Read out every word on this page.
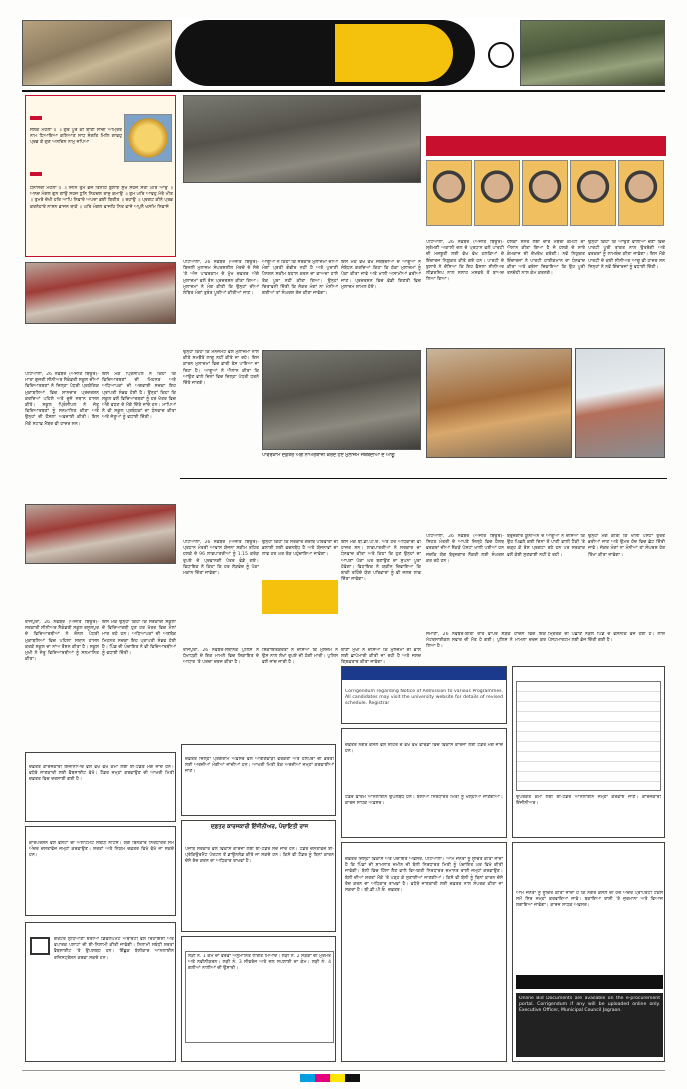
ਸਲੋਕ ਮਹਲਾ ੫ ॥ ਗੁਰ ਪੂਰੇ ਕੀ ਬਾਣੀ ਸਾਚੀ ਅੰਮ੍ਰਿਤ ਨਾਮ ਧਿਆਇਆ ਕਲਿਆਣ ਸਾਧ ਸੰਗਤਿ ਮਿਲਿ ਗਾਵਹੁ ਪ੍ਰਭ ਕੇ ਗੁਣ ਅਨਦਿਨ ਨਾਮੁ ਜਪਿਆ
ਧਨਾਸਰੀ ਮਹਲਾ ੫ ॥ ਜਿਨਿ ਤੁਮ ਭੇਜੇ ਤਿਨਹਿ ਬੁਲਾਏ ਸੁਖ ਸਹਜ ਸੇਤੀ ਘਰਿ ਆਉ ॥ ਅਨਦ ਮੰਗਲ ਗੁਨ ਗਾਉ ਸਹਜ ਧੁਨਿ ਨਿਹਚਲ ਰਾਜੁ ਕਮਾਉ ॥ ਤੁਮ ਘਰਿ ਆਵਹੁ ਮੇਰੇ ਮੀਤ ॥ ਤੁਮਰੇ ਦੋਖੀ ਹਰਿ ਆਪਿ ਨਿਵਾਰੇ ਅਪਦਾ ਭਈ ਬਿਤੀਤ ॥ ਰਹਾਉ ॥ ਪ੍ਰਗਟ ਕੀਨੇ ਪ੍ਰਭ ਕਰਨੇਹਾਰੇ ਨਾਸਨ ਭਾਜਨ ਥਾਕੇ ॥ ਘਰਿ ਮੰਗਲ ਵਾਜਹਿ ਨਿਤ ਵਾਜੇ ਅਪੁਨੈ ਖਸਮਿ ਨਿਵਾਜੇ
ਪਟਿਆਲਾ, 26 ਨਵੰਬਰ (ਅਜੀਤ ਬਿਊਰੋ)-ਮਾਤਾ ਗੁਜਰੀ ਸੀਨੀਅਰ ਸੈਕੰਡਰੀ ਸਕੂਲ ਦੀਆਂ ਵਿਦਿਆਰਥਣਾਂ ਨੇ ਜ਼ਿਲ੍ਹਾ ਪੱਧਰੀ ਪ੍ਰਯੋਗਿਕ ਮੁਕਾਬਲਿਆਂ ਵਿਚ ਸ਼ਾਨਦਾਰ ਪ੍ਰਦਰਸ਼ਨ ਕਰਦਿਆਂ ਪਹਿਲੇ ਅਤੇ ਦੂਜੇ ਸਥਾਨ ਹਾਸਲ ਕੀਤੇ। ਸਕੂਲ ਪ੍ਰਿੰਸੀਪਲ ਨੇ ਜੇਤੂ ਵਿਦਿਆਰਥਣਾਂ ਨੂੰ ਸਨਮਾਨਿਤ ਕੀਤਾ ਅਤੇ ਉਨ੍ਹਾਂ ਦੀ ਹੌਸਲਾ ਅਫ਼ਜ਼ਾਈ ਕੀਤੀ। ਇਸ ਮੌਕੇ ਸਟਾਫ਼ ਮੈਂਬਰ ਵੀ ਹਾਜ਼ਰ ਸਨ।
ਇਸ ਮੌਕੇ ਪ੍ਰਿੰਸੀਪਲ ਨੇ ਕਿਹਾ ਕਿ ਵਿਦਿਆਰਥਣਾਂ ਦੀ ਮਿਹਨਤ ਅਤੇ ਅਧਿਆਪਕਾਂ ਦੀ ਅਗਵਾਈ ਸਦਕਾ ਇਹ ਪ੍ਰਾਪਤੀ ਸੰਭਵ ਹੋਈ ਹੈ। ਉਨ੍ਹਾਂ ਕਿਹਾ ਕਿ ਸਕੂਲ ਵਲੋਂ ਵਿਦਿਆਰਥਣਾਂ ਨੂੰ ਹਰ ਖੇਤਰ ਵਿਚ ਅੱਗੇ ਵਧਣ ਦੇ ਮੌਕੇ ਦਿੱਤੇ ਜਾਂਦੇ ਹਨ। ਮਾਪਿਆਂ ਨੇ ਵੀ ਸਕੂਲ ਪ੍ਰਬੰਧਕਾਂ ਦਾ ਧੰਨਵਾਦ ਕੀਤਾ ਅਤੇ ਜੇਤੂਆਂ ਨੂੰ ਵਧਾਈ ਦਿੱਤੀ।
ਪਟਿਆਲਾ, 26 ਨਵੰਬਰ (ਅਜੀਤ ਬਿਊਰੋ)-ਬਿਜਲੀ ਮੁਲਾਜ਼ਮ ਸੰਘਰਸ਼ਸ਼ੀਲ ਮੋਰਚੇ ਦੇ ਸੱਦੇ 'ਤੇ ਅੱਜ ਪਾਵਰਕਾਮ ਦੇ ਮੁੱਖ ਦਫ਼ਤਰ ਅੱਗੇ ਮੁਲਾਜ਼ਮਾਂ ਵਲੋਂ ਰੋਸ ਪ੍ਰਦਰਸ਼ਨ ਕੀਤਾ ਗਿਆ। ਮੁਲਾਜ਼ਮਾਂ ਨੇ ਮੰਗ ਕੀਤੀ ਕਿ ਉਨ੍ਹਾਂ ਦੀਆਂ ਲੰਬਿਤ ਮੰਗਾਂ ਤੁਰੰਤ ਪੂਰੀਆਂ ਕੀਤੀਆਂ ਜਾਣ।
ਆਗੂਆਂ ਨੇ ਕਿਹਾ ਕਿ ਸਰਕਾਰ ਮੁਲਾਜ਼ਮਾਂ ਦੀਆਂ ਮੰਗਾਂ ਪ੍ਰਤੀ ਗੰਭੀਰ ਨਹੀਂ ਹੈ ਅਤੇ ਪੁਰਾਣੀ ਪੈਨਸ਼ਨ ਸਕੀਮ ਬਹਾਲ ਕਰਨ ਦਾ ਵਾਅਦਾ ਹਾਲੇ ਤੱਕ ਪੂਰਾ ਨਹੀਂ ਕੀਤਾ ਗਿਆ। ਉਨ੍ਹਾਂ ਚਿਤਾਵਨੀ ਦਿੱਤੀ ਕਿ ਜੇਕਰ ਮੰਗਾਂ ਨਾ ਮੰਨੀਆਂ ਗਈਆਂ ਤਾਂ ਸੰਘਰਸ਼ ਤੇਜ਼ ਕੀਤਾ ਜਾਵੇਗਾ।
ਇਸ ਮੌਕੇ ਵੱਖ ਵੱਖ ਜਥੇਬੰਦੀਆਂ ਦੇ ਆਗੂਆਂ ਨੇ ਸੰਬੋਧਨ ਕਰਦਿਆਂ ਕਿਹਾ ਕਿ ਠੇਕਾ ਮੁਲਾਜ਼ਮਾਂ ਨੂੰ ਪੱਕਾ ਕੀਤਾ ਜਾਵੇ ਅਤੇ ਖਾਲੀ ਅਸਾਮੀਆਂ ਭਰੀਆਂ ਜਾਣ। ਪ੍ਰਦਰਸ਼ਨ ਵਿਚ ਵੱਡੀ ਗਿਣਤੀ ਵਿਚ ਮੁਲਾਜ਼ਮ ਸ਼ਾਮਲ ਹੋਏ।
ਉਨ੍ਹਾਂ ਕਿਹਾ ਕਿ ਮੈਨੇਜਮੈਂਟ ਵਲੋਂ ਮੁਲਾਜ਼ਮਾਂ ਨਾਲ ਕੀਤੇ ਸਮਝੌਤੇ ਲਾਗੂ ਨਹੀਂ ਕੀਤੇ ਜਾ ਰਹੇ। ਇਸ ਕਾਰਨ ਮੁਲਾਜ਼ਮਾਂ ਵਿਚ ਭਾਰੀ ਰੋਸ ਪਾਇਆ ਜਾ ਰਿਹਾ ਹੈ। ਆਗੂਆਂ ਨੇ ਐਲਾਨ ਕੀਤਾ ਕਿ ਆਉਣ ਵਾਲੇ ਦਿਨਾਂ ਵਿਚ ਜ਼ਿਲ੍ਹਾ ਪੱਧਰੀ ਧਰਨੇ ਦਿੱਤੇ ਜਾਣਗੇ।
ਪਾਵਰਕਾਮ ਦਫ਼ਤਰ ਅੱਗੇ ਨਾਅਰੇਬਾਜ਼ੀ ਕਰਦੇ ਹੋਏ ਮੁਲਾਜ਼ਮ ਜਥੇਬੰਦੀਆਂ ਦੇ ਆਗੂ
ਪਟਿਆਲਾ, 26 ਨਵੰਬਰ (ਅਜੀਤ ਬਿਊਰੋ)-ਸ਼੍ਰੋਮਣੀ ਅਕਾਲੀ ਦਲ ਦੇ ਪ੍ਰਧਾਨ ਵਲੋਂ ਪਾਰਟੀ ਦੀ ਮਜ਼ਬੂਤੀ ਲਈ ਵੱਖ ਵੱਖ ਹਲਕਿਆਂ ਦੇ ਇੰਚਾਰਜ ਨਿਯੁਕਤ ਕੀਤੇ ਗਏ ਹਨ। ਪਾਰਟੀ ਦੇ ਬੁਲਾਰੇ ਨੇ ਦੱਸਿਆ ਕਿ ਇਹ ਫੈਸਲਾ ਸੀਨੀਅਰ ਲੀਡਰਸ਼ਿਪ ਨਾਲ ਸਲਾਹ ਮਸ਼ਵਰੇ ਤੋਂ ਬਾਅਦ ਲਿਆ ਗਿਆ।
ਹਲਕਾ ਸਨੌਰ ਲਈ ਚਾਰ ਮੈਂਬਰੀ ਕਮੇਟੀ ਦਾ ਐਲਾਨ ਕੀਤਾ ਗਿਆ ਹੈ ਜੋ ਹਲਕੇ ਦੇ ਸਾਰੇ ਕੰਮਕਾਜ ਦੀ ਦੇਖਰੇਖ ਕਰੇਗੀ। ਨਵੇਂ ਨਿਯੁਕਤ ਇੰਚਾਰਜਾਂ ਨੇ ਪਾਰਟੀ ਹਾਈਕਮਾਨ ਦਾ ਧੰਨਵਾਦ ਕੀਤਾ ਅਤੇ ਭਰੋਸਾ ਦਿਵਾਇਆ ਕਿ ਉਹ ਪੂਰੀ ਤਨਦੇਹੀ ਨਾਲ ਕੰਮ ਕਰਨਗੇ।
ਉਨ੍ਹਾਂ ਕਿਹਾ ਕਿ ਆਉਣ ਵਾਲੀਆਂ ਚੋਣਾਂ ਵਿਚ ਪਾਰਟੀ ਪੂਰੀ ਤਾਕਤ ਨਾਲ ਉਤਰੇਗੀ ਅਤੇ ਵਰਕਰਾਂ ਨੂੰ ਲਾਮਬੰਦ ਕੀਤਾ ਜਾਵੇਗਾ। ਇਸ ਮੌਕੇ ਪਾਰਟੀ ਦੇ ਕਈ ਸੀਨੀਅਰ ਆਗੂ ਵੀ ਹਾਜ਼ਰ ਸਨ ਜਿਨ੍ਹਾਂ ਨੇ ਨਵੇਂ ਇੰਚਾਰਜਾਂ ਨੂੰ ਵਧਾਈ ਦਿੱਤੀ।
ਰਾਜਪੁਰਾ, 26 ਨਵੰਬਰ (ਅਜੀਤ ਬਿਊਰੋ)-ਸਰਕਾਰੀ ਸੀਨੀਅਰ ਸੈਕੰਡਰੀ ਸਕੂਲ ਰਸੂਲਪੁਰ ਦੇ ਵਿਦਿਆਰਥੀਆਂ ਨੇ ਜ਼ੋਨਲ ਪੱਧਰੀ ਮੁਕਾਬਲਿਆਂ ਵਿਚ ਪਹਿਲਾ ਸਥਾਨ ਹਾਸਲ ਕਰਕੇ ਸਕੂਲ ਦਾ ਨਾਂਅ ਰੌਸ਼ਨ ਕੀਤਾ ਹੈ। ਸਕੂਲ ਮੁਖੀ ਨੇ ਜੇਤੂ ਵਿਦਿਆਰਥੀਆਂ ਨੂੰ ਸਨਮਾਨਿਤ ਕੀਤਾ।
ਇਸ ਮੌਕੇ ਉਨ੍ਹਾਂ ਕਿਹਾ ਕਿ ਸਰਕਾਰੀ ਸਕੂਲਾਂ ਦੇ ਵਿਦਿਆਰਥੀ ਹੁਣ ਹਰ ਖੇਤਰ ਵਿਚ ਮੱਲਾਂ ਮਾਰ ਰਹੇ ਹਨ। ਅਧਿਆਪਕਾਂ ਦੀ ਅਣਥੱਕ ਮਿਹਨਤ ਸਦਕਾ ਇਹ ਪ੍ਰਾਪਤੀ ਸੰਭਵ ਹੋਈ ਹੈ। ਪਿੰਡ ਦੀ ਪੰਚਾਇਤ ਨੇ ਵੀ ਵਿਦਿਆਰਥੀਆਂ ਨੂੰ ਵਧਾਈ ਦਿੱਤੀ।
ਪਟਿਆਲਾ, 26 ਨਵੰਬਰ (ਅਜੀਤ ਬਿਊਰੋ)-ਪ੍ਰਧਾਨ ਮੰਤਰੀ ਆਵਾਸ ਯੋਜਨਾ ਸਕੀਮ ਤਹਿਤ ਹਲਕੇ ਦੇ 96 ਲਾਭਪਾਤਰੀਆਂ ਨੂੰ 1.15 ਕਰੋੜ ਰੁਪਏ ਦੇ ਪ੍ਰਵਾਨਗੀ ਪੱਤਰ ਵੰਡੇ ਗਏ। ਵਿਧਾਇਕ ਨੇ ਕਿਹਾ ਕਿ ਹਰ ਲੋੜਵੰਦ ਨੂੰ ਪੱਕਾ ਮਕਾਨ ਦਿੱਤਾ ਜਾਵੇਗਾ।
ਉਨ੍ਹਾਂ ਕਿਹਾ ਕਿ ਸਰਕਾਰ ਗਰੀਬ ਪਰਿਵਾਰਾਂ ਦੀ ਭਲਾਈ ਲਈ ਵਚਨਬੱਧ ਹੈ ਅਤੇ ਯੋਜਨਾਵਾਂ ਦਾ ਲਾਭ ਹਰ ਘਰ ਤੱਕ ਪਹੁੰਚਾਇਆ ਜਾਵੇਗਾ।
ਇਸ ਮੌਕੇ ਬੀ.ਡੀ.ਪੀ.ਓ. ਅਤੇ ਹੋਰ ਅਧਿਕਾਰੀ ਵੀ ਹਾਜ਼ਰ ਸਨ। ਲਾਭਪਾਤਰੀਆਂ ਨੇ ਸਰਕਾਰ ਦਾ ਧੰਨਵਾਦ ਕੀਤਾ ਅਤੇ ਕਿਹਾ ਕਿ ਹੁਣ ਉਨ੍ਹਾਂ ਦਾ ਆਪਣਾ ਪੱਕਾ ਘਰ ਬਣਾਉਣ ਦਾ ਸੁਪਨਾ ਪੂਰਾ ਹੋਵੇਗਾ। ਵਿਧਾਇਕ ਨੇ ਯਕੀਨ ਦਿਵਾਇਆ ਕਿ ਬਾਕੀ ਰਹਿੰਦੇ ਯੋਗ ਪਰਿਵਾਰਾਂ ਨੂੰ ਵੀ ਜਲਦ ਲਾਭ ਦਿੱਤਾ ਜਾਵੇਗਾ।
ਰਾਜਪੁਰਾ, 26 ਨਵੰਬਰ-ਸਥਾਨਕ ਪੁਲਿਸ ਨੇ ਧੋਖਾਧੜੀ ਦੇ ਇਕ ਮਾਮਲੇ ਵਿਚ ਸ਼ਿਕਾਇਤ ਦੇ ਆਧਾਰ 'ਤੇ ਪਰਚਾ ਦਰਜ ਕੀਤਾ ਹੈ।
ਸ਼ਿਕਾਇਤਕਰਤਾ ਨੇ ਦੱਸਿਆ ਕਿ ਮੁਲਜ਼ਮ ਨੇ ਉਸ ਨਾਲ ਲੱਖਾਂ ਰੁਪਏ ਦੀ ਠੱਗੀ ਮਾਰੀ। ਪੁਲਿਸ ਵਲੋਂ ਜਾਂਚ ਜਾਰੀ ਹੈ।
ਥਾਣਾ ਮੁਖੀ ਨੇ ਦੱਸਿਆ ਕਿ ਮੁਲਜ਼ਮਾਂ ਦੀ ਭਾਲ ਲਈ ਛਾਪੇਮਾਰੀ ਕੀਤੀ ਜਾ ਰਹੀ ਹੈ ਅਤੇ ਜਲਦ ਗ੍ਰਿਫ਼ਤਾਰ ਕੀਤਾ ਜਾਵੇਗਾ।
ਪਟਿਆਲਾ, 26 ਨਵੰਬਰ (ਅਜੀਤ ਬਿਊਰੋ)-ਸਿਹਤ ਮੰਤਰੀ ਦੇ ਆਪਣੇ ਜ਼ਿਲ੍ਹੇ ਵਿਚ ਹੈਲਥ ਵਰਕਰਾਂ ਦੀਆਂ ਸੈਂਕੜੇ ਪੋਸਟਾਂ ਖਾਲੀ ਪਈਆਂ ਹਨ ਜਦਕਿ ਯੋਗ ਬੇਰੁਜ਼ਗਾਰ ਨੌਕਰੀ ਲਈ ਸੰਘਰਸ਼ ਕਰ ਰਹੇ ਹਨ।
ਬੇਰੁਜ਼ਗਾਰ ਯੂਨੀਅਨ ਦੇ ਆਗੂਆਂ ਨੇ ਦੱਸਿਆ ਕਿ ਉਹ ਪਿਛਲੇ ਕਈ ਦਿਨਾਂ ਤੋਂ ਪਾਣੀ ਵਾਲੀ ਟੈਂਕੀ 'ਤੇ ਚੜ੍ਹ ਕੇ ਰੋਸ ਪ੍ਰਗਟਾ ਰਹੇ ਹਨ ਪਰ ਸਰਕਾਰ ਵਲੋਂ ਕੋਈ ਸੁਣਵਾਈ ਨਹੀਂ ਹੋ ਰਹੀ।
ਉਨ੍ਹਾਂ ਮੰਗ ਕੀਤੀ ਕਿ ਖਾਲੀ ਪੋਸਟਾਂ ਤੁਰੰਤ ਭਰੀਆਂ ਜਾਣ ਅਤੇ ਉਮਰ ਹੱਦ ਵਿਚ ਛੋਟ ਦਿੱਤੀ ਜਾਵੇ। ਜੇਕਰ ਮੰਗਾਂ ਨਾ ਮੰਨੀਆਂ ਤਾਂ ਸੰਘਰਸ਼ ਹੋਰ ਤਿੱਖਾ ਕੀਤਾ ਜਾਵੇਗਾ।
ਸਮਾਣਾ, 26 ਨਵੰਬਰ-ਬੀਤੀ ਰਾਤ ਵਾਪਰੇ ਸੜਕ ਹਾਦਸੇ ਵਿਚ ਇਕ ਮੋਟਰਸਾਈਕਲ ਸਵਾਰ ਦੀ ਮੌਤ ਹੋ ਗਈ। ਪੁਲਿਸ ਨੇ ਮਾਮਲਾ ਦਰਜ ਕਰ ਲਿਆ ਹੈ।
ਮ੍ਰਿਤਕ ਦੀ ਪਛਾਣ ਨੇੜਲੇ ਪਿੰਡ ਦੇ ਵਸਨੀਕ ਵਜੋਂ ਹੋਈ ਹੈ। ਲਾਸ਼ ਪੋਸਟਮਾਰਟਮ ਲਈ ਭੇਜ ਦਿੱਤੀ ਗਈ ਹੈ।
Corrigendum regarding Notice of Admission to various Programmes. All candidates may visit the university website for details of revised schedule. Registrar
ਦਫ਼ਤਰ ਕਾਰਜਕਾਰੀ ਇੰਜੀਨੀਅਰ ਵਲੋਂ ਵੱਖ ਵੱਖ ਕੰਮਾਂ ਲਈ ਈ-ਟੈਂਡਰ ਮੰਗੇ ਜਾਂਦੇ ਹਨ। ਵਧੇਰੇ ਜਾਣਕਾਰੀ ਲਈ ਵੈਬਸਾਈਟ ਵੇਖੋ। ਟੈਂਡਰ ਜਮ੍ਹਾਂ ਕਰਵਾਉਣ ਦੀ ਆਖਰੀ ਮਿਤੀ ਦਫ਼ਤਰ ਵਿਚ ਦਰਸਾਈ ਗਈ ਹੈ।
ਕਾਰਪੋਰੇਸ਼ਨ ਵਲੋਂ ਫਲੈਟਾਂ ਦੀ ਅਲਾਟਮੈਂਟ ਸਬੰਧੀ ਨੋਟਿਸ। ਯੋਗ ਬਿਨੈਕਾਰ ਨਿਰਧਾਰਤ ਸਮੇਂ ਅੰਦਰ ਦਸਤਾਵੇਜ਼ ਜਮ੍ਹਾਂ ਕਰਵਾਉਣ। ਸ਼ਰਤਾਂ ਅਤੇ ਨਿਯਮ ਦਫ਼ਤਰ ਵਿਖੇ ਵੇਖੇ ਜਾ ਸਕਦੇ ਹਨ।
ਗਰੇਟਰ ਲੁਧਿਆਣਾ ਏਰੀਆ ਡਿਵੈਲਪਮੈਂਟ ਅਥਾਰਟੀ ਵਲੋਂ ਰਿਹਾਇਸ਼ੀ ਅਤੇ ਵਪਾਰਕ ਪਲਾਟਾਂ ਦੀ ਈ-ਨਿਲਾਮੀ ਕੀਤੀ ਜਾਵੇਗੀ। ਨਿਲਾਮੀ ਸਬੰਧੀ ਸ਼ਰਤਾਂ ਵੈਬਸਾਈਟ 'ਤੇ ਉਪਲਬਧ ਹਨ। ਇੱਛੁਕ ਬੋਲੀਕਾਰ ਆਨਲਾਈਨ ਰਜਿਸਟ੍ਰੇਸ਼ਨ ਕਰਵਾ ਸਕਦੇ ਹਨ।
ਦਫ਼ਤਰ ਜ਼ਿਲ੍ਹਾ ਪ੍ਰੋਗਰਾਮ ਅਫ਼ਸਰ ਵਲੋਂ ਆਂਗਣਵਾੜੀ ਵਰਕਰਾਂ ਅਤੇ ਹੈਲਪਰਾਂ ਦੀ ਭਰਤੀ ਲਈ ਅਰਜ਼ੀਆਂ ਮੰਗੀਆਂ ਜਾਂਦੀਆਂ ਹਨ। ਆਖਰੀ ਮਿਤੀ ਤੱਕ ਅਰਜ਼ੀਆਂ ਜਮ੍ਹਾਂ ਕਰਵਾਈਆਂ ਜਾਣ।
ਦਫ਼ਤਰ ਕਾਰਜਕਾਰੀ ਇੰਜੀਨੀਅਰ, ਪੰਚਾਇਤੀ ਰਾਜ
ਪੰਜਾਬ ਸਰਕਾਰ ਵਲੋਂ ਵਿਕਾਸ ਕਾਰਜਾਂ ਲਈ ਈ-ਟੈਂਡਰ ਸੱਦੇ ਜਾਂਦੇ ਹਨ। ਟੈਂਡਰ ਦਸਤਾਵੇਜ਼ ਈ-ਪ੍ਰੋਕਿਉਰਮੈਂਟ ਪੋਰਟਲ ਤੋਂ ਡਾਊਨਲੋਡ ਕੀਤੇ ਜਾ ਸਕਦੇ ਹਨ। ਕਿਸੇ ਵੀ ਟੈਂਡਰ ਨੂੰ ਬਿਨਾਂ ਕਾਰਨ ਦੱਸੇ ਰੱਦ ਕਰਨ ਦਾ ਅਧਿਕਾਰ ਰਾਖਵਾਂ ਹੈ।
ਲੜੀ ਨੰ. 1 ਕੰਮ ਦਾ ਵੇਰਵਾ ਅਨੁਮਾਨਿਤ ਲਾਗਤ ਮਿਆਦ। ਲੜੀ ਨੰ. 2 ਸੜਕਾਂ ਦੀ ਮੁਰੰਮਤ ਅਤੇ ਨਵੀਨੀਕਰਨ। ਲੜੀ ਨੰ. 3 ਸੀਵਰੇਜ ਅਤੇ ਜਲ ਸਪਲਾਈ ਦਾ ਕੰਮ। ਲੜੀ ਨੰ. 4 ਗਲੀਆਂ ਨਾਲੀਆਂ ਦੀ ਉਸਾਰੀ।
ਦਫ਼ਤਰ ਨਗਰ ਕੌਂਸਲ ਵਲੋਂ ਸ਼ਹਿਰ ਦੇ ਵੱਖ ਵੱਖ ਵਾਰਡਾਂ ਵਿਚ ਵਿਕਾਸ ਕਾਰਜਾਂ ਲਈ ਟੈਂਡਰ ਮੰਗੇ ਜਾਂਦੇ ਹਨ।
ਟੈਂਡਰ ਫਾਰਮ ਆਨਲਾਈਨ ਉਪਲਬਧ ਹਨ। ਬੋਲੀਆਂ ਨਿਰਧਾਰਤ ਮਿਤੀ ਨੂੰ ਖੋਲ੍ਹੀਆਂ ਜਾਣਗੀਆਂ। ਕਾਰਜ ਸਾਧਕ ਅਫ਼ਸਰ।
ਦਫ਼ਤਰ ਜ਼ਿਲ੍ਹਾ ਵਿਕਾਸ ਅਤੇ ਪੰਚਾਇਤ ਅਫ਼ਸਰ, ਪਟਿਆਲਾ। ਆਮ ਜਨਤਾ ਨੂੰ ਸੂਚਿਤ ਕੀਤਾ ਜਾਂਦਾ ਹੈ ਕਿ ਪਿੰਡਾਂ ਦੀ ਸ਼ਾਮਲਾਤ ਜ਼ਮੀਨ ਦੀ ਬੋਲੀ ਨਿਰਧਾਰਤ ਮਿਤੀ ਨੂੰ ਪੰਚਾਇਤ ਘਰ ਵਿਖੇ ਕੀਤੀ ਜਾਵੇਗੀ। ਬੋਲੀ ਵਿਚ ਹਿੱਸਾ ਲੈਣ ਵਾਲੇ ਵਿਅਕਤੀ ਨਿਰਧਾਰਤ ਜ਼ਮਾਨਤ ਰਾਸ਼ੀ ਜਮ੍ਹਾਂ ਕਰਵਾਉਣ। ਬੋਲੀ ਦੀਆਂ ਸ਼ਰਤਾਂ ਮੌਕੇ 'ਤੇ ਪੜ੍ਹ ਕੇ ਸੁਣਾਈਆਂ ਜਾਣਗੀਆਂ। ਕਿਸੇ ਵੀ ਬੋਲੀ ਨੂੰ ਬਿਨਾਂ ਕਾਰਨ ਦੱਸੇ ਰੱਦ ਕਰਨ ਦਾ ਅਧਿਕਾਰ ਰਾਖਵਾਂ ਹੈ। ਵਧੇਰੇ ਜਾਣਕਾਰੀ ਲਈ ਦਫ਼ਤਰ ਨਾਲ ਸੰਪਰਕ ਕੀਤਾ ਜਾ ਸਕਦਾ ਹੈ। ਬੀ.ਡੀ.ਪੀ.ਓ. ਦਫ਼ਤਰ।
ਉਪਰੋਕਤ ਕੰਮਾਂ ਲਈ ਈ-ਟੈਂਡਰ ਆਨਲਾਈਨ ਜਮ੍ਹਾਂ ਕਰਵਾਏ ਜਾਣ। ਕਾਰਜਕਾਰੀ ਇੰਜੀਨੀਅਰ।
ਆਮ ਜਨਤਾ ਨੂੰ ਸੂਚਿਤ ਕੀਤਾ ਜਾਂਦਾ ਹੈ ਕਿ ਨਗਰ ਕੌਂਸਲ ਦੀ ਹੱਦ ਅੰਦਰ ਪ੍ਰਾਪਰਟੀ ਟੈਕਸ ਸਮੇਂ ਸਿਰ ਜਮ੍ਹਾਂ ਕਰਵਾਇਆ ਜਾਵੇ। ਬਕਾਇਆ ਰਾਸ਼ੀ 'ਤੇ ਜੁਰਮਾਨਾ ਅਤੇ ਵਿਆਜ ਲਗਾਇਆ ਜਾਵੇਗਾ। ਕਾਰਜ ਸਾਧਕ ਅਫ਼ਸਰ।
Online Bid Documents are available on the e-procurement portal. Corrigendum if any will be uploaded online only. Executive Officer, Municipal Council Jagraon.
